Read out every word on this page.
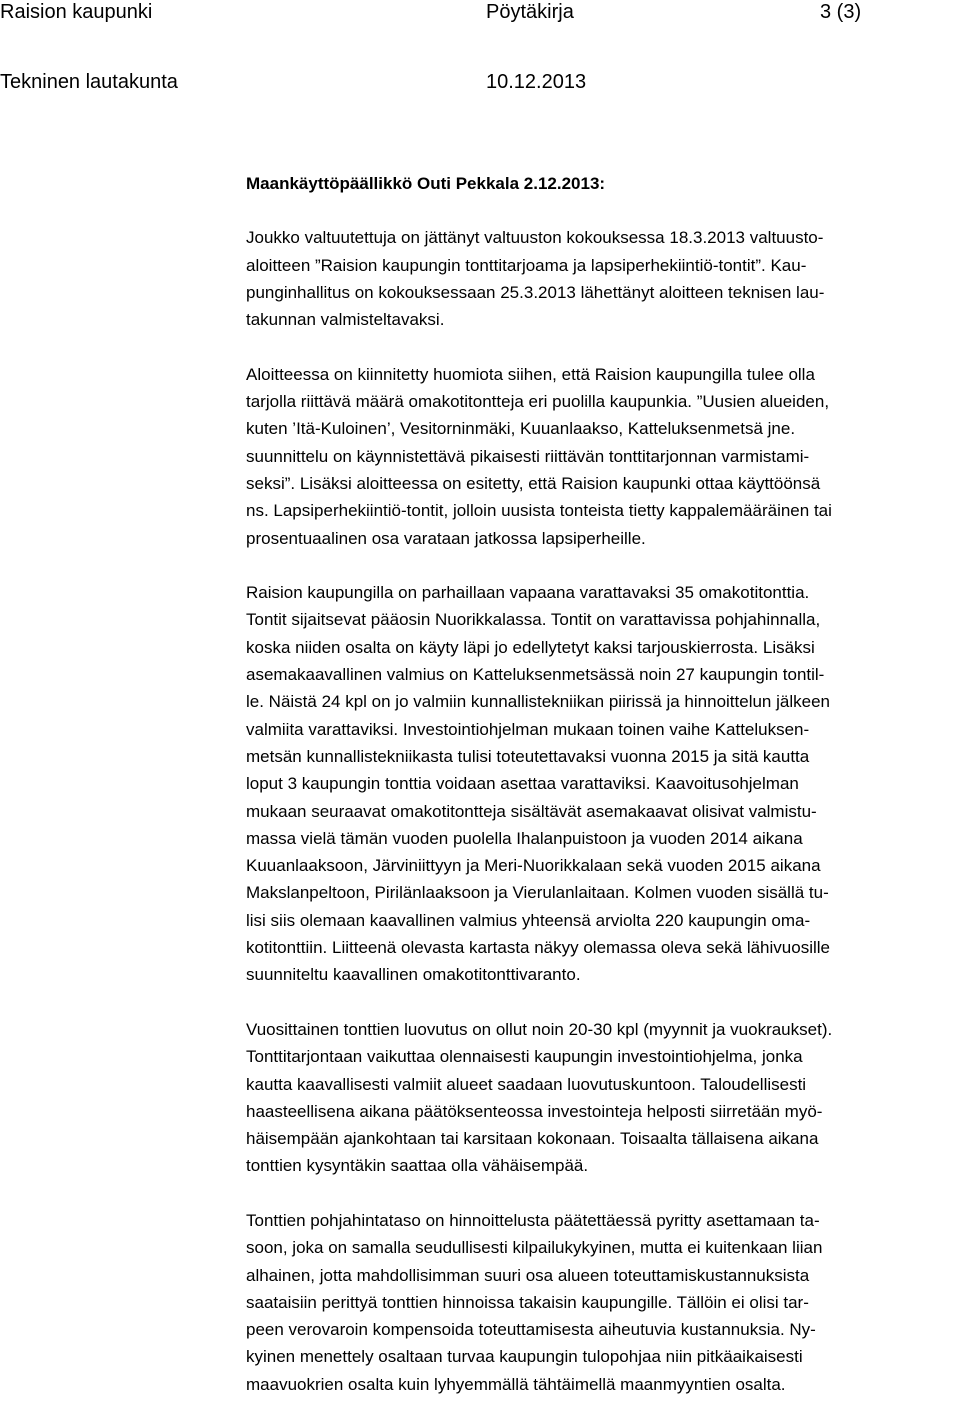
Raision kaupunki	Pöytäkirja	3 (3)
Tekninen lautakunta	10.12.2013
Maankäyttöpäällikkö Outi Pekkala 2.12.2013:
Joukko valtuutettuja on jättänyt valtuuston kokouksessa 18.3.2013 valtuusto-
aloitteen ”Raision kaupungin tonttitarjoama ja lapsiperhekiintiö-tontit”. Kau-
punginhallitus on kokouksessaan 25.3.2013 lähettänyt aloitteen teknisen lau-
takunnan valmisteltavaksi.
Aloitteessa on kiinnitetty huomiota siihen, että Raision kaupungilla tulee olla
tarjolla riittävä määrä omakotitontteja eri puolilla kaupunkia. ”Uusien alueiden,
kuten ’Itä-Kuloinen’, Vesitorninmäki, Kuuanlaakso, Katteluksenmetsä jne.
suunnittelu on käynnistettävä pikaisesti riittävän tonttitarjonnan varmistami-
seksi”. Lisäksi aloitteessa on esitetty, että Raision kaupunki ottaa käyttöönsä
ns. Lapsiperhekiintiö-tontit, jolloin uusista tonteista tietty kappalemääräinen tai
prosentuaalinen osa varataan jatkossa lapsiperheille.
Raision kaupungilla on parhaillaan vapaana varattavaksi 35 omakotitonttia.
Tontit sijaitsevat pääosin Nuorikkalassa. Tontit on varattavissa pohjahinnalla,
koska niiden osalta on käyty läpi jo edellytetyt kaksi tarjouskierrosta. Lisäksi
asemakaavallinen valmius on Katteluksenmetsässä noin 27 kaupungin tontil-
le. Näistä 24 kpl on jo valmiin kunnallistekniikan piirissä ja hinnoittelun jälkeen
valmiita varattaviksi. Investointiohjelman mukaan toinen vaihe Katteluksen-
metsän kunnallistekniikasta tulisi toteutettavaksi vuonna 2015 ja sitä kautta
loput 3 kaupungin tonttia voidaan asettaa varattaviksi. Kaavoitusohjelman
mukaan seuraavat omakotitontteja sisältävät asemakaavat olisivat valmistu-
massa vielä tämän vuoden puolella Ihalanpuistoon ja vuoden 2014 aikana
Kuuanlaaksoon, Järviniittyyn ja Meri-Nuorikkalaan sekä vuoden 2015 aikana
Makslanpeltoon, Pirilänlaaksoon ja Vierulanlaitaan. Kolmen vuoden sisällä tu-
lisi siis olemaan kaavallinen valmius yhteensä arviolta 220 kaupungin oma-
kotitonttiin. Liitteenä olevasta kartasta näkyy olemassa oleva sekä lähivuosille
suunniteltu kaavallinen omakotitonttivaranto.
Vuosittainen tonttien luovutus on ollut noin 20-30 kpl (myynnit ja vuokraukset).
Tonttitarjontaan vaikuttaa olennaisesti kaupungin investointiohjelma, jonka
kautta kaavallisesti valmiit alueet saadaan luovutuskuntoon. Taloudellisesti
haasteellisena aikana päätöksenteossa investointeja helposti siirretään myö-
häisempään ajankohtaan tai karsitaan kokonaan. Toisaalta tällaisena aikana
tonttien kysyntäkin saattaa olla vähäisempää.
Tonttien pohjahintataso on hinnoittelusta päätettäessä pyritty asettamaan ta-
soon, joka on samalla seudullisesti kilpailukykyinen, mutta ei kuitenkaan liian
alhainen, jotta mahdollisimman suuri osa alueen toteuttamiskustannuksista
saataisiin perittyä tonttien hinnoissa takaisin kaupungille. Tällöin ei olisi tar-
peen verovaroin kompensoida toteuttamisesta aiheutuvia kustannuksia. Ny-
kyinen menettely osaltaan turvaa kaupungin tulopohjaa niin pitkäaikaisesti
maavuokrien osalta kuin lyhyemmällä tähtäimellä maanmyyntien osalta.
